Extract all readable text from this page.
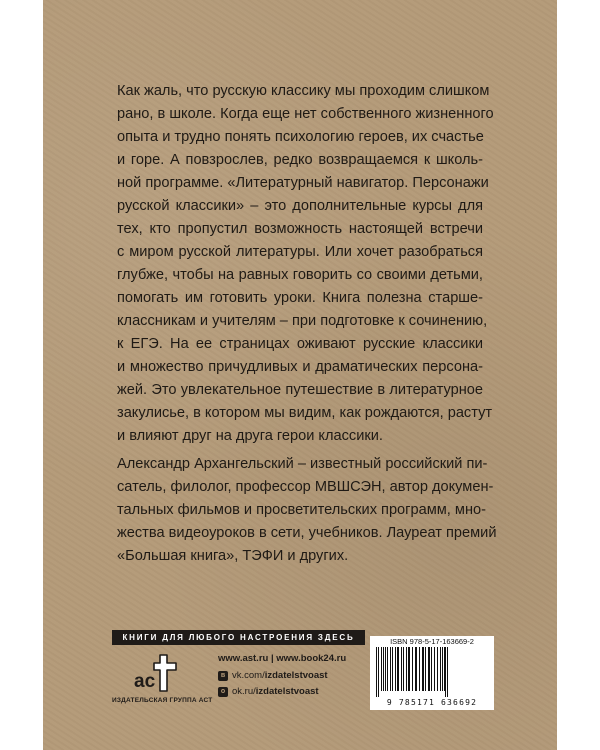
Как жаль, что русскую классику мы проходим слишком
рано, в школе. Когда еще нет собственного жизненного
опыта и трудно понять психологию героев, их счастье
и горе. А повзрослев, редко возвращаемся к школь-
ной программе. «Литературный навигатор. Персонажи
русской классики» – это дополнительные курсы для
тех, кто пропустил возможность настоящей встречи
с миром русской литературы. Или хочет разобраться
глубже, чтобы на равных говорить со своими детьми,
помогать им готовить уроки. Книга полезна старше-
классникам и учителям – при подготовке к сочинению,
к ЕГЭ. На ее страницах оживают русские классики
и множество причудливых и драматических персона-
жей. Это увлекательное путешествие в литературное
закулисье, в котором мы видим, как рождаются, растут
и влияют друг на друга герои классики.
Александр Архангельский – известный российский пи-
сатель, филолог, профессор МВШСЭН, автор докумен-
тальных фильмов и просветительских программ, мно-
жества видеоуроков в сети, учебников. Лауреат премий
«Большая книга», ТЭФИ и других.
КНИГИ ДЛЯ ЛЮБОГО НАСТРОЕНИЯ ЗДЕСЬ
ac
ИЗДАТЕЛЬСКАЯ ГРУППА АСТ
www.ast.ru | www.book24.ru
в vk.com/ izdatelstvoast
о ok.ru/ izdatelstvoast
ISBN 978-5-17-163669-2
9 785171 636692
